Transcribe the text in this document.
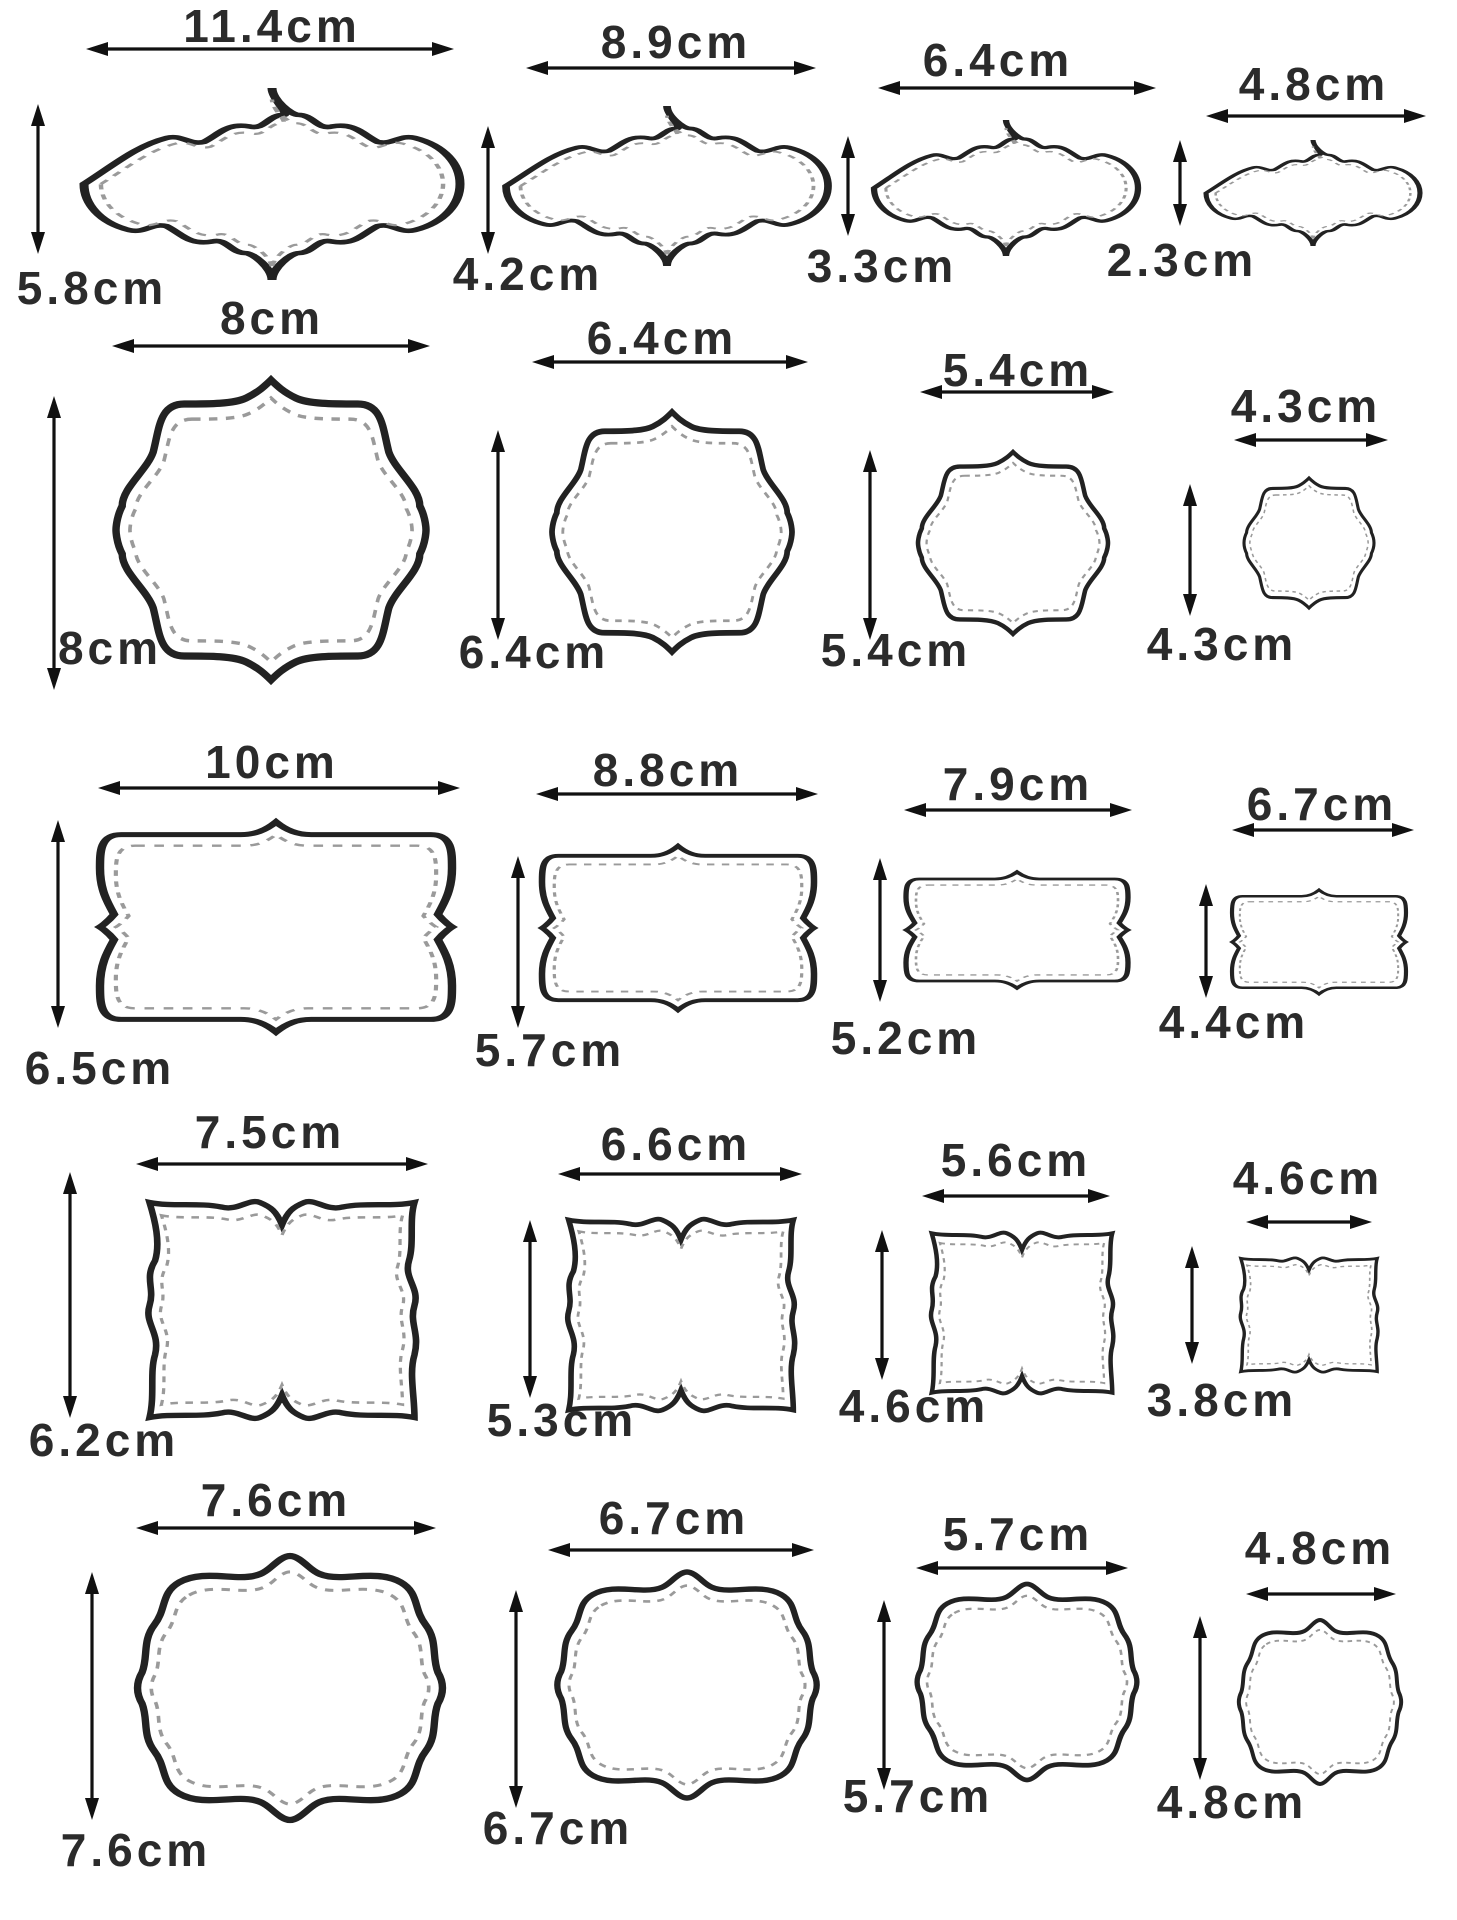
11.4cm
5.8cm
8.9cm
4.2cm
6.4cm
3.3cm
4.8cm
2.3cm
8cm
8cm
6.4cm
6.4cm
5.4cm
5.4cm
4.3cm
4.3cm
10cm
6.5cm
8.8cm
5.7cm
7.9cm
5.2cm
6.7cm
4.4cm
7.5cm
6.2cm
6.6cm
5.3cm
5.6cm
4.6cm
4.6cm
3.8cm
7.6cm
7.6cm
6.7cm
6.7cm
5.7cm
5.7cm
4.8cm
4.8cm
